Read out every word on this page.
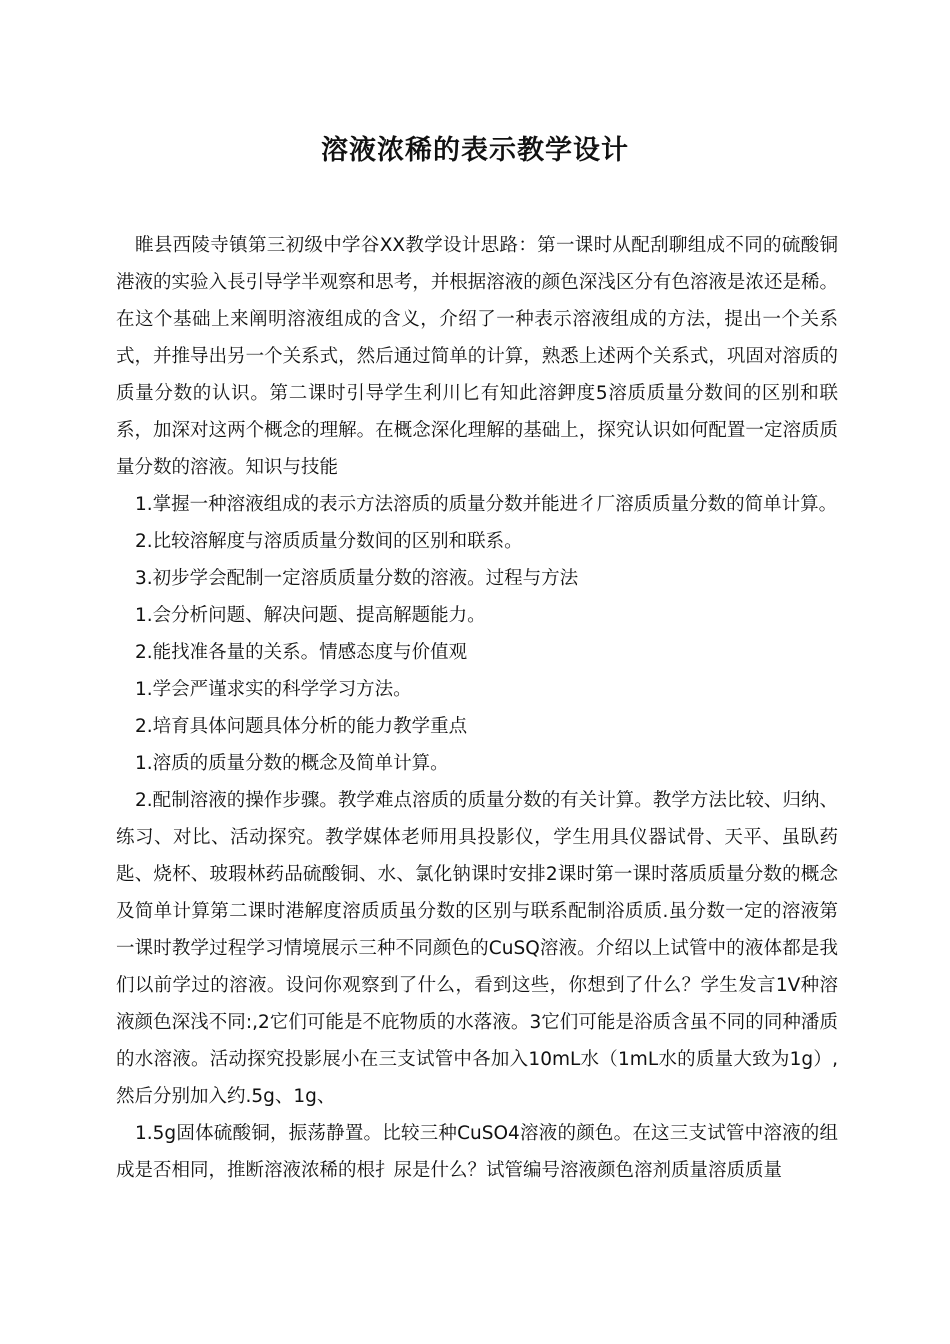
溶液浓稀的表示教学设计

睢县西陵寺镇第三初级中学谷XX教学设计思路：第一课时从配刮聊组成不同的硫酸铜港液的实验入長引导学半观察和思考，并根据溶液的颜色深浅区分有色溶液是浓还是稀。在这个基础上来阐明溶液组成的含义，介绍了一种表示溶液组成的方法，提出一个关系式，并推导出另一个关系式，然后通过简单的计算，熟悉上述两个关系式，巩固对溶质的质量分数的认识。第二课时引导学生利川匕有知此溶鉀度5溶质质量分数间的区别和联系，加深对这两个概念的理解。在概念深化理解的基础上，探究认识如何配置一定溶质质量分数的溶液。知识与技能

1.掌握一种溶液组成的表示方法溶质的质量分数并能进彳厂溶质质量分数的简单计算。

2.比较溶解度与溶质质量分数间的区别和联系。

3.初步学会配制一定溶质质量分数的溶液。过程与方法

1.会分析问题、解决问题、提高解题能力。

2.能找准各量的关系。情感态度与价值观

1.学会严谨求实的科学学习方法。

2.培育具体问题具体分析的能力教学重点

1.溶质的质量分数的概念及简单计算。

2.配制溶液的操作步骤。教学难点溶质的质量分数的有关计算。教学方法比较、归纳、练习、对比、活动探究。教学媒体老师用具投影仪，学生用具仪器试骨、天平、虽臥药匙、烧杯、玻瑕林药品硫酸铜、水、氯化钠课时安排2课时第一课时落质质量分数的概念及简单计算第二课时港解度溶质质虽分数的区别与联系配制浴质质.虽分数一定的溶液第一课时教学过程学习情境展示三种不同颜色的CuSQ溶液。介绍以上试管中的液体都是我们以前学过的溶液。设问你观察到了什么，看到这些，你想到了什么？学生发言1V种溶液颜色深浅不同:,2它们可能是不庇物质的水落液。3它们可能是浴质含虽不同的同种潘质的水溶液。活动探究投影展小在三支试管中各加入10mL水（1mL水的质量大致为1g）,然后分别加入约.5g、1g、

1.5g固体硫酸铜，振荡静置。比较三种CuSO4溶液的颜色。在这三支试管中溶液的组成是否相同，推断溶液浓稀的根扌尿是什么？试管编号溶液颜色溶剂质量溶质质量
